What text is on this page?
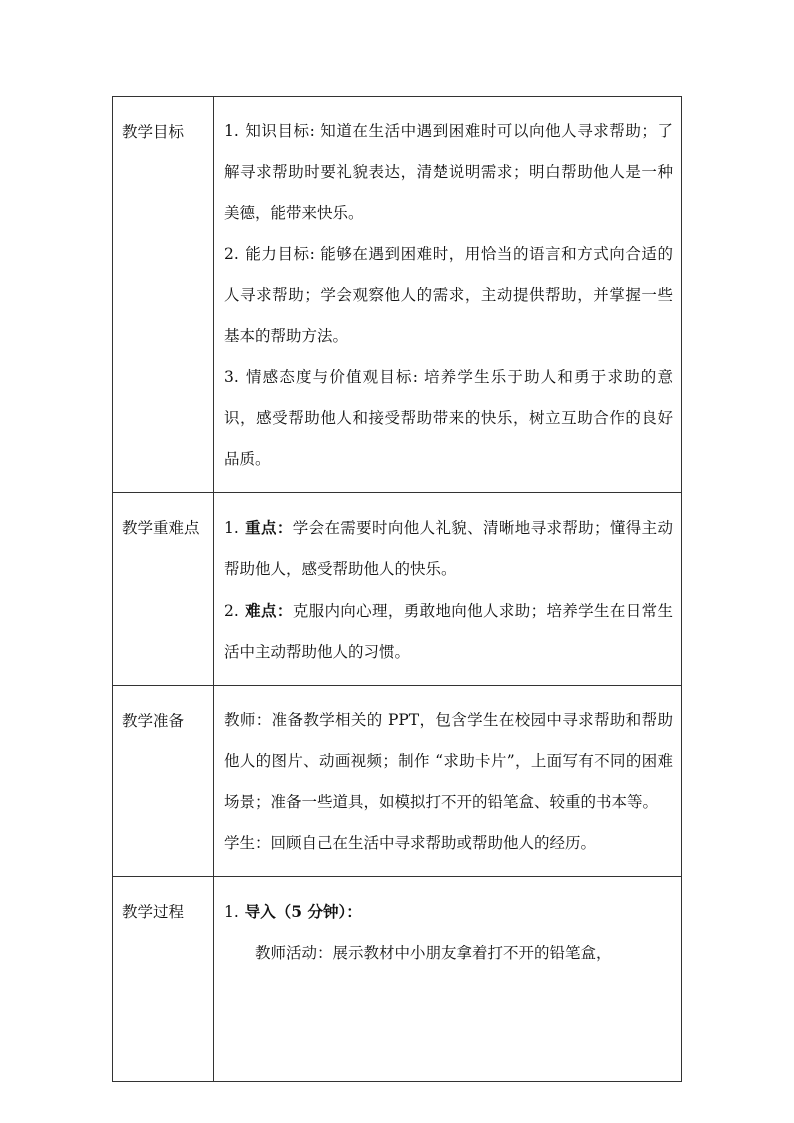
教学目标	1. 知识目标: 知道在生活中遇到困难时可以向他人寻求帮助；了解寻求帮助时要礼貌表达，清楚说明需求；明白帮助他人是一种美德，能带来快乐。

2. 能力目标: 能够在遇到困难时，用恰当的语言和方式向合适的人寻求帮助；学会观察他人的需求，主动提供帮助，并掌握一些基本的帮助方法。

3. 情感态度与价值观目标: 培养学生乐于助人和勇于求助的意识，感受帮助他人和接受帮助带来的快乐，树立互助合作的良好品质。

教学重难点	1. 重点：学会在需要时向他人礼貌、清晰地寻求帮助；懂得主动帮助他人，感受帮助他人的快乐。

2. 难点：克服内向心理，勇敢地向他人求助；培养学生在日常生活中主动帮助他人的习惯。

教学准备	教师：准备教学相关的 PPT，包含学生在校园中寻求帮助和帮助他人的图片、动画视频；制作 “求助卡片”，上面写有不同的困难场景；准备一些道具，如模拟打不开的铅笔盒、较重的书本等。

学生：回顾自己在生活中寻求帮助或帮助他人的经历。

教学过程	1. 导入（5 分钟）：

教师活动：展示教材中小朋友拿着打不开的铅笔盒，
